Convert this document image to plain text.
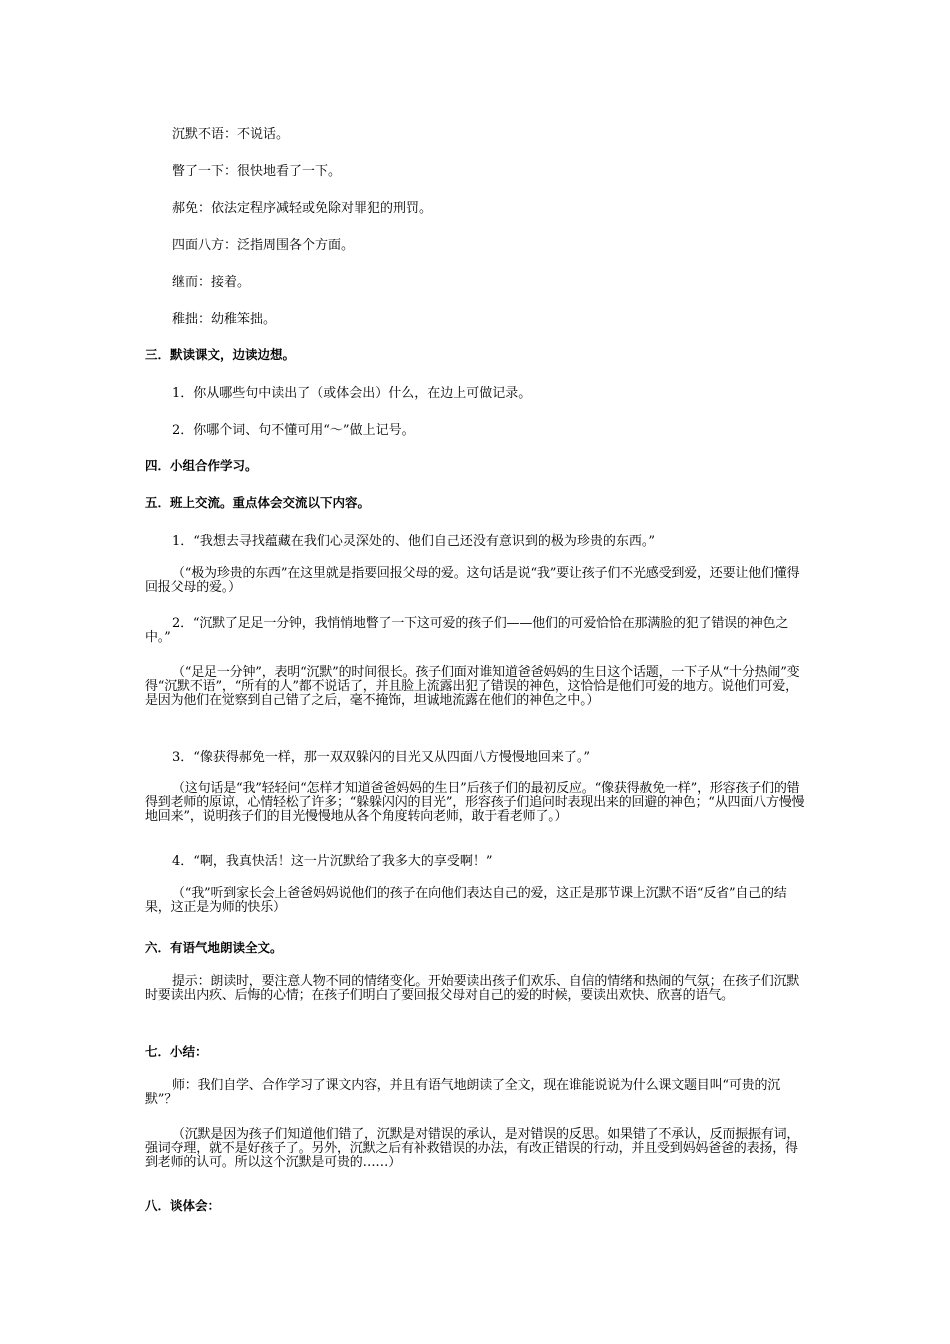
沉默不语：不说话。

瞥了一下：很快地看了一下。

郝免：依法定程序减轻或免除对罪犯的刑罚。

四面八方：泛指周围各个方面。

继而：接着。

稚拙：幼稚笨拙。

三．默读课文，边读边想。

1．你从哪些句中读出了（或体会出）什么，在边上可做记录。

2．你哪个词、句不懂可用“～”做上记号。

四．小组合作学习。

五．班上交流。重点体会交流以下内容。

1．“我想去寻找蕴藏在我们心灵深处的、他们自己还没有意识到的极为珍贵的东西。”

（“极为珍贵的东西”在这里就是指要回报父母的爱。这句话是说“我”要让孩子们不光感受到爱，还要让他们懂得回报父母的爱。）

2．“沉默了足足一分钟，我悄悄地瞥了一下这可爱的孩子们——他们的可爱恰恰在那满脸的犯了错误的神色之中。”

（“足足一分钟”，表明“沉默”的时间很长。孩子们面对谁知道爸爸妈妈的生日这个话题，一下子从“十分热闹”变得“沉默不语”，“所有的人”都不说话了，并且脸上流露出犯了错误的神色，这恰恰是他们可爱的地方。说他们可爱，是因为他们在觉察到自己错了之后，毫不掩饰，坦诚地流露在他们的神色之中。）

3．“像获得郝免一样，那一双双躲闪的目光又从四面八方慢慢地回来了。”

（这句话是“我”轻轻问“怎样才知道爸爸妈妈的生日”后孩子们的最初反应。“像获得赦免一样”，形容孩子们的错得到老师的原谅，心情轻松了许多；“躲躲闪闪的目光”，形容孩子们追问时表现出来的回避的神色；“从四面八方慢慢地回来”，说明孩子们的目光慢慢地从各个角度转向老师，敢于看老师了。）

4．“啊，我真快活！这一片沉默给了我多大的享受啊！”

（“我”听到家长会上爸爸妈妈说他们的孩子在向他们表达自己的爱，这正是那节课上沉默不语“反省”自己的结果，这正是为师的快乐）

六．有语气地朗读全文。

提示：朗读时，要注意人物不同的情绪变化。开始要读出孩子们欢乐、自信的情绪和热闹的气氛；在孩子们沉默时要读出内疚、后悔的心情；在孩子们明白了要回报父母对自己的爱的时候，要读出欢快、欣喜的语气。

七．小结：

师：我们自学、合作学习了课文内容，并且有语气地朗读了全文，现在谁能说说为什么课文题目叫“可贵的沉默”？

（沉默是因为孩子们知道他们错了，沉默是对错误的承认，是对错误的反思。如果错了不承认，反而振振有词，强词夺理，就不是好孩子了。另外，沉默之后有补救错误的办法，有改正错误的行动，并且受到妈妈爸爸的表扬，得到老师的认可。所以这个沉默是可贵的……）

八．谈体会：
